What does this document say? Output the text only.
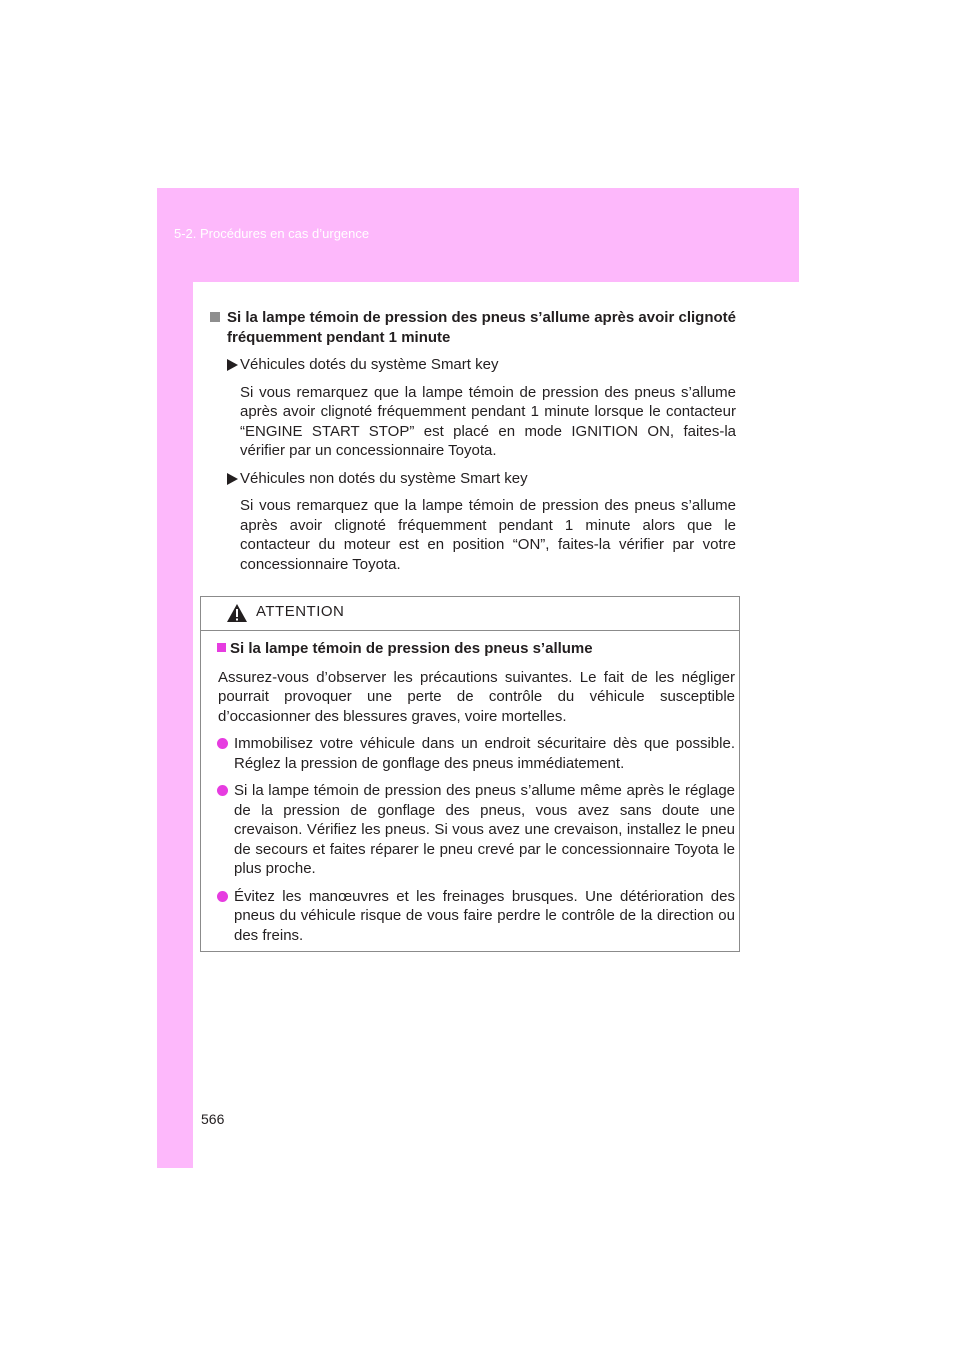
5-2. Procédures en cas d’urgence

Si la lampe témoin de pression des pneus s’allume après avoir clignoté fréquemment pendant 1 minute

Véhicules dotés du système Smart key

Si vous remarquez que la lampe témoin de pression des pneus s’allume après avoir clignoté fréquemment pendant 1 minute lorsque le contacteur “ENGINE START STOP” est placé en mode IGNITION ON, faites-la vérifier par un concessionnaire Toyota.

Véhicules non dotés du système Smart key

Si vous remarquez que la lampe témoin de pression des pneus s’allume après avoir clignoté fréquemment pendant 1 minute alors que le contacteur du moteur est en position “ON”, faites-la vérifier par votre concessionnaire Toyota.

ATTENTION
Si la lampe témoin de pression des pneus s’allume

Assurez-vous d’observer les précautions suivantes. Le fait de les négliger pourrait provoquer une perte de contrôle du véhicule susceptible d’occasionner des blessures graves, voire mortelles.

Immobilisez votre véhicule dans un endroit sécuritaire dès que possible. Réglez la pression de gonflage des pneus immédiatement.
Si la lampe témoin de pression des pneus s’allume même après le réglage de la pression de gonflage des pneus, vous avez sans doute une crevaison. Vérifiez les pneus. Si vous avez une crevaison, installez le pneu de secours et faites réparer le pneu crevé par le concessionnaire Toyota le plus proche.
Évitez les manœuvres et les freinages brusques. Une détérioration des pneus du véhicule risque de vous faire perdre le contrôle de la direction ou des freins.
566
